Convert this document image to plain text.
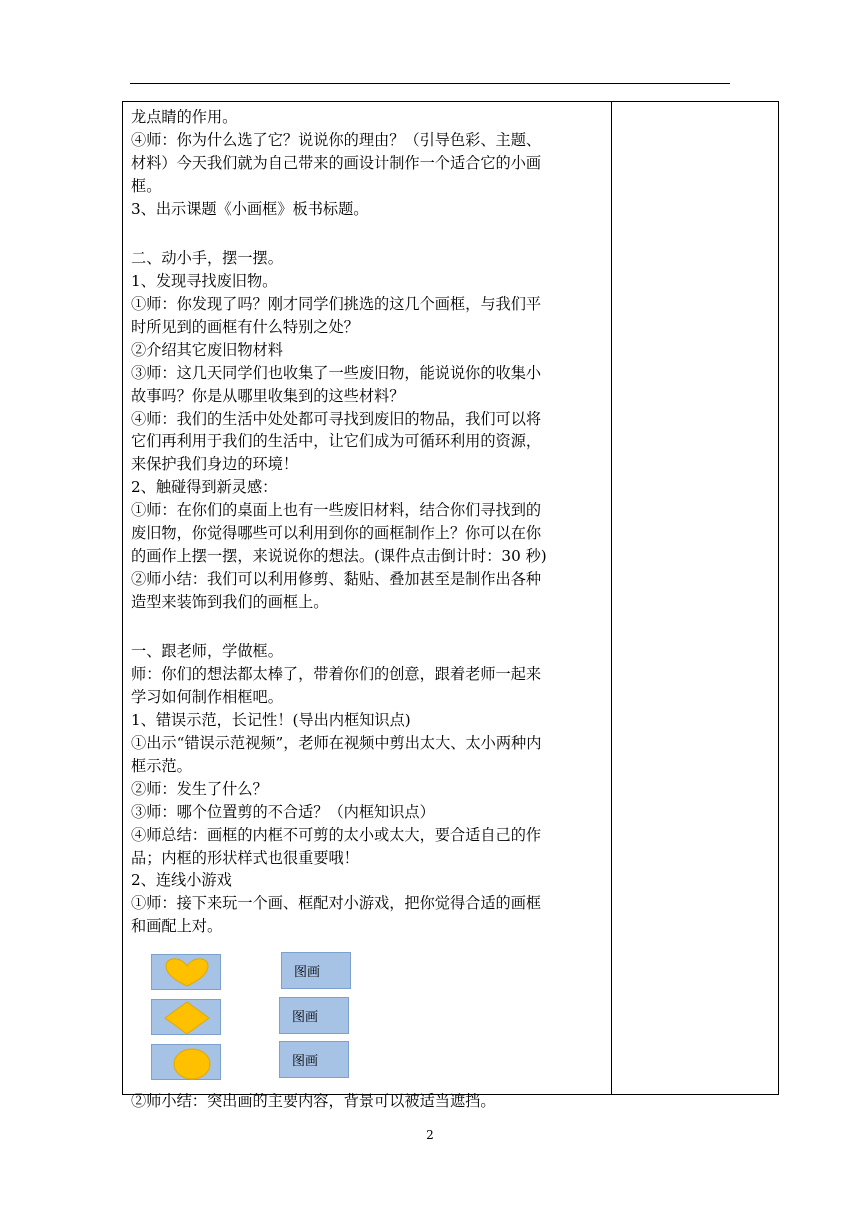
龙点睛的作用。
④师：你为什么选了它？说说你的理由？（引导色彩、主题、
材料）今天我们就为自己带来的画设计制作一个适合它的小画
框。
3、出示课题《小画框》板书标题。
二、动小手，摆一摆。
1、发现寻找废旧物。
①师：你发现了吗？刚才同学们挑选的这几个画框，与我们平
时所见到的画框有什么特别之处？
②介绍其它废旧物材料
③师：这几天同学们也收集了一些废旧物，能说说你的收集小
故事吗？你是从哪里收集到的这些材料？
④师：我们的生活中处处都可寻找到废旧的物品，我们可以将
它们再利用于我们的生活中，让它们成为可循环利用的资源，
来保护我们身边的环境！
2、触碰得到新灵感：
①师：在你们的桌面上也有一些废旧材料，结合你们寻找到的
废旧物，你觉得哪些可以利用到你的画框制作上？你可以在你
的画作上摆一摆，来说说你的想法。(课件点击倒计时：30 秒)
②师小结：我们可以利用修剪、黏贴、叠加甚至是制作出各种
造型来装饰到我们的画框上。
一、跟老师，学做框。
师：你们的想法都太棒了，带着你们的创意，跟着老师一起来
学习如何制作相框吧。
1、错误示范，长记性！(导出内框知识点)
①出示“错误示范视频”，老师在视频中剪出太大、太小两种内
框示范。
②师：发生了什么？
③师：哪个位置剪的不合适？（内框知识点）
④师总结：画框的内框不可剪的太小或太大，要合适自己的作
品；内框的形状样式也很重要哦！
2、连线小游戏
①师：接下来玩一个画、框配对小游戏，把你觉得合适的画框
和画配上对。
图画
图画
图画
②师小结：突出画的主要内容，背景可以被适当遮挡。
2
